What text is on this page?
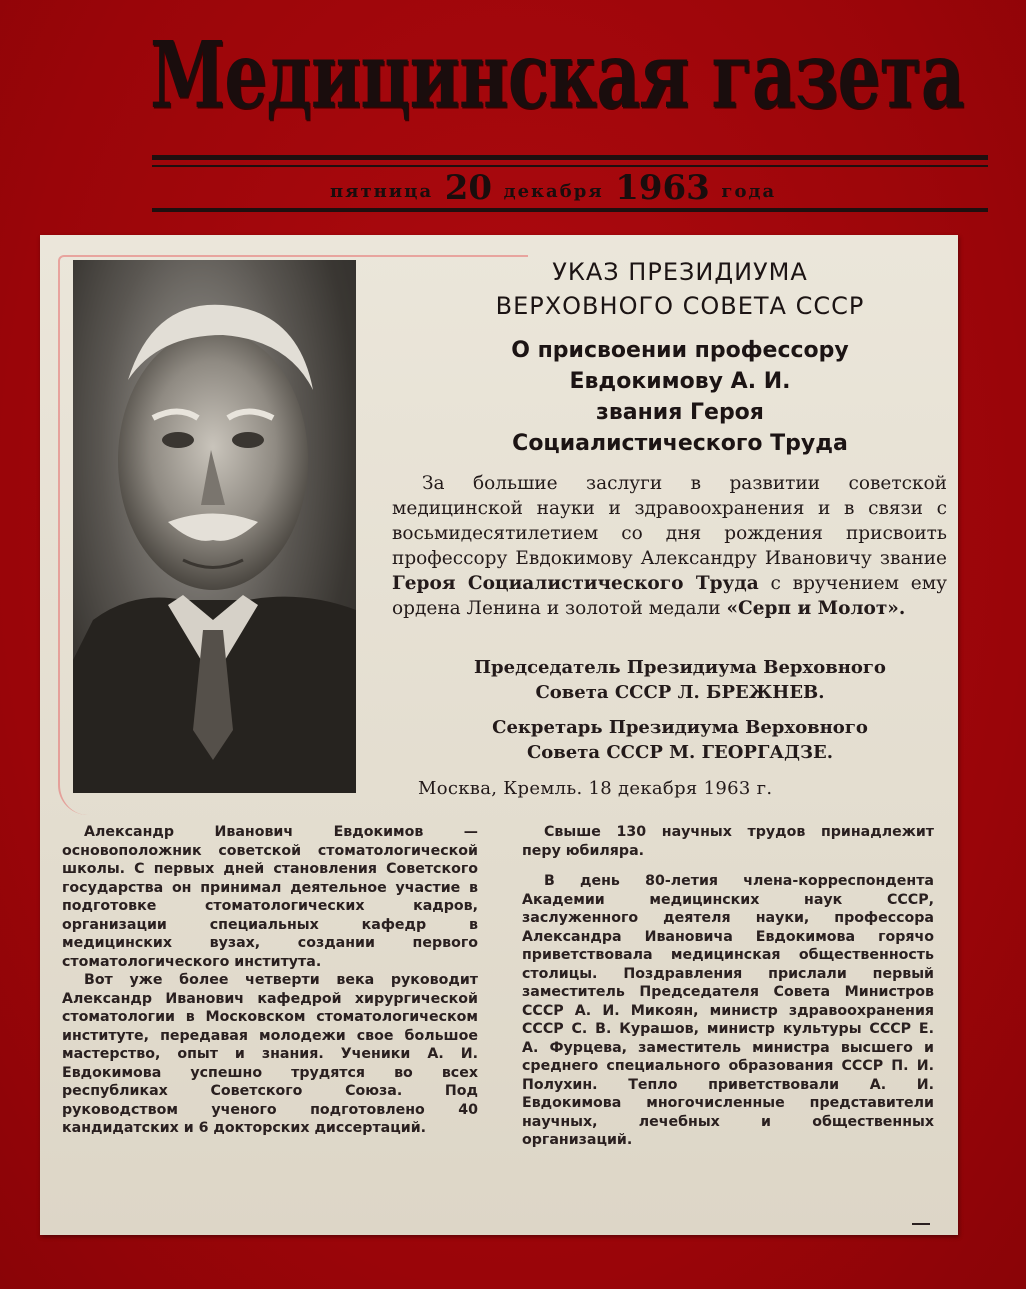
Медицинская газета
пятница 20 декабря 1963 года
УКАЗ ПРЕЗИДИУМА
ВЕРХОВНОГО СОВЕТА СССР
О присвоении профессору
Евдокимову А. И.
звания Героя
Социалистического Труда
За большие заслуги в развитии советской медицинской науки и здравоохранения и в связи с восьмидесятилетием со дня рождения присвоить профессору Евдокимову Александру Ивановичу звание Героя Социалистического Труда с вручением ему ордена Ленина и золотой медали «Серп и Молот».
Председатель Президиума Верховного
Совета СССР Л. БРЕЖНЕВ.
Секретарь Президиума Верховного
Совета СССР М. ГЕОРГАДЗЕ.
Москва, Кремль. 18 декабря 1963 г.

Александр Иванович Евдокимов — основоположник советской стоматологической школы. С первых дней становления Советского государства он принимал деятельное участие в подготовке стоматологических кадров, организации специальных кафедр в медицинских вузах, создании первого стоматологического института.

Вот уже более четверти века руководит Александр Иванович кафедрой хирургической стоматологии в Московском стоматологическом институте, передавая молодежи свое большое мастерство, опыт и знания. Ученики А. И. Евдокимова успешно трудятся во всех республиках Советского Союза. Под руководством ученого подготовлено 40 кандидатских и 6 докторских диссертаций.

Свыше 130 научных трудов принадлежит перу юбиляра.

В день 80-летия члена-корреспондента Академии медицинских наук СССР, заслуженного деятеля науки, профессора Александра Ивановича Евдокимова горячо приветствовала медицинская общественность столицы. Поздравления прислали первый заместитель Председателя Совета Министров СССР А. И. Микоян, министр здравоохранения СССР С. В. Курашов, министр культуры СССР Е. А. Фурцева, заместитель министра высшего и среднего специального образования СССР П. И. Полухин. Тепло приветствовали А. И. Евдокимова многочисленные представители научных, лечебных и общественных организаций.
